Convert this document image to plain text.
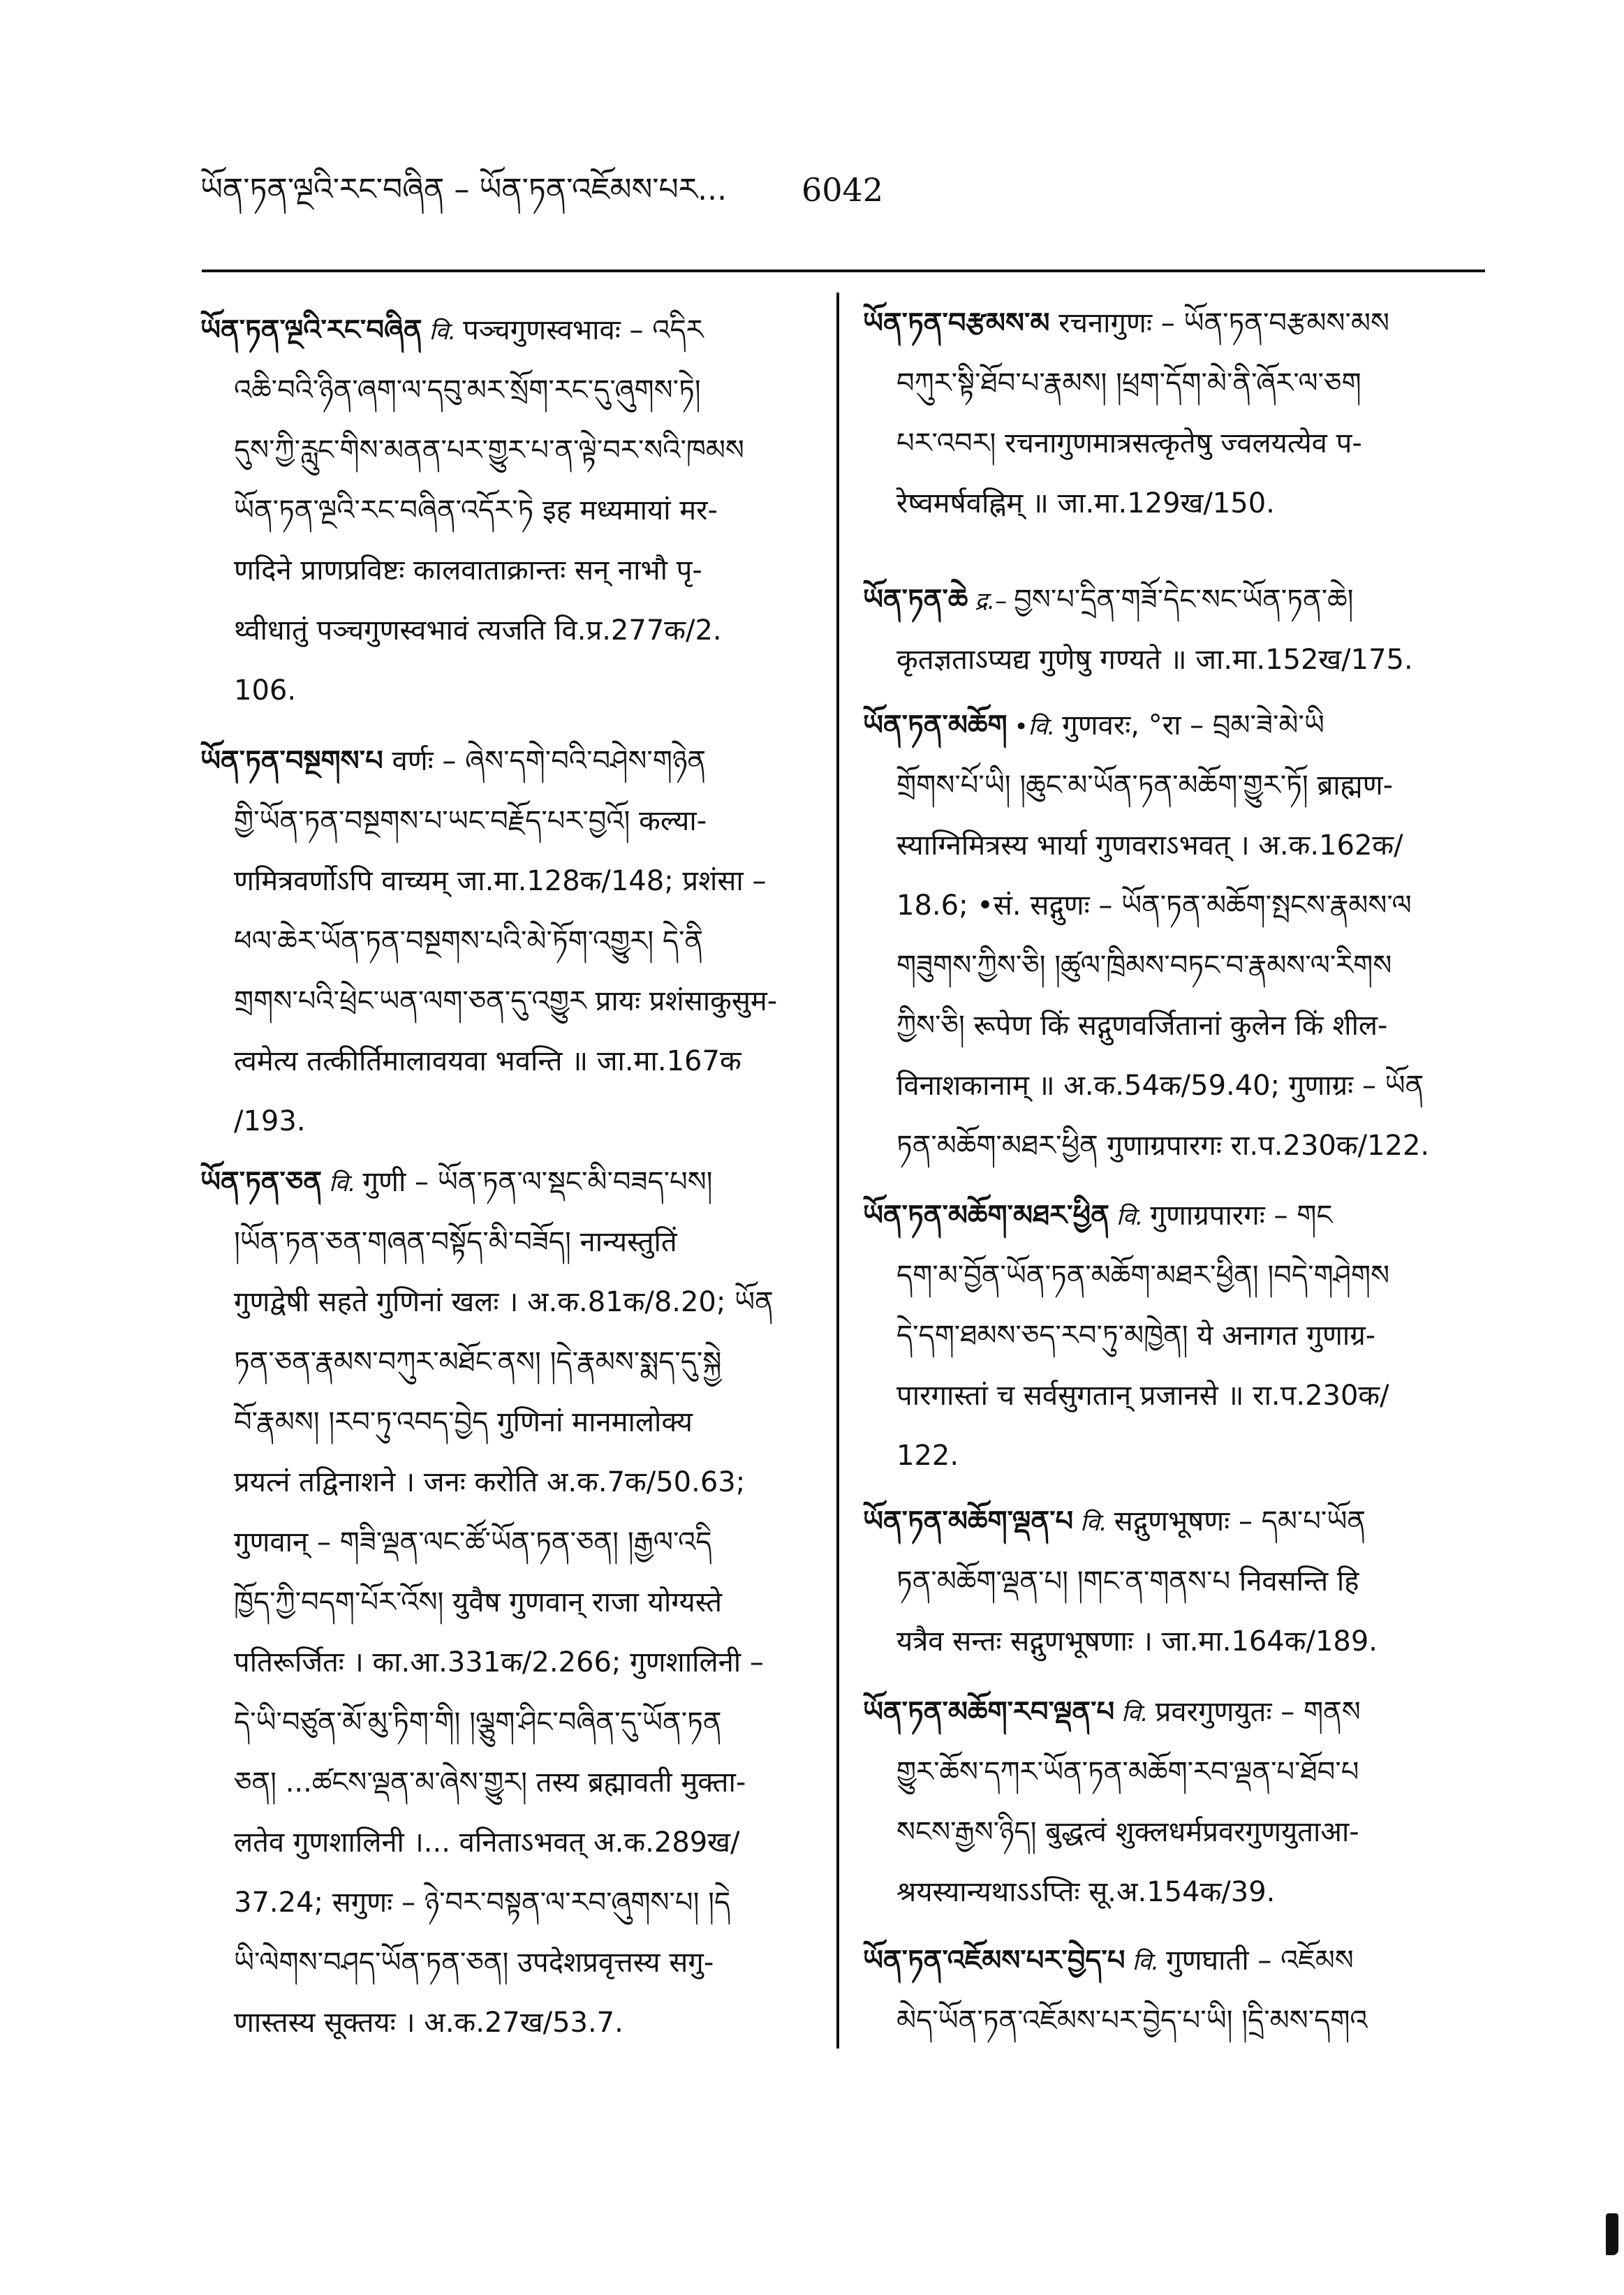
ཡོན་ཏན་ལྔའི་རང་བཞིན – ཡོན་ཏན་འཇོམས་པར...	6042
ཡོན་ཏན་ལྔའི་རང་བཞིན वि. पञ्चगुणस्वभावः – འདིར
འཆི་བའི་ཉིན་ཞག་ལ་དབུ་མར་སྲོག་རང་དུ་ཞུགས་ཏེ།
དུས་ཀྱི་རླུང་གིས་མནན་པར་གྱུར་པ་ན་ལྟེ་བར་སའི་ཁམས
ཡོན་ཏན་ལྔའི་རང་བཞིན་འདོར་ཏེ इह मध्यमायां मर-
णदिने प्राणप्रविष्टः कालवाताक्रान्तः सन् नाभौ पृ-
थ्वीधातुं पञ्चगुणस्वभावं त्यजति वि.प्र.277क/2.
106.
ཡོན་ཏན་བསྔགས་པ वर्णः – ཞེས་དགེ་བའི་བཤེས་གཉེན
གྱི་ཡོན་ཏན་བསྔགས་པ་ཡང་བརྗོད་པར་བྱའོ། कल्या-
णमित्रवर्णोऽपि वाच्यम् जा.मा.128क/148; प्रशंसा –
ཕལ་ཆེར་ཡོན་ཏན་བསྔགས་པའི་མེ་ཏོག་འགྱུར། དེ་ནི
གྲགས་པའི་ཕྲེང་ཡན་ལག་ཅན་དུ་འགྱུར प्रायः प्रशंसाकुसुम-
त्वमेत्य तत्कीर्तिमालावयवा भवन्ति ॥ जा.मा.167क
/193.
ཡོན་ཏན་ཅན वि. गुणी – ཡོན་ཏན་ལ་སྡང་མི་བཟད་པས།
།ཡོན་ཏན་ཅན་གཞན་བསྟོད་མི་བཟོད། नान्यस्तुतिं
गुणद्वेषी सहते गुणिनां खलः । अ.क.81क/8.20; ཡོན
ཏན་ཅན་རྣམས་བཀུར་མཐོང་ནས། །དེ་རྣམས་སྨད་དུ་སྐྱེ
བོ་རྣམས། །རབ་ཏུ་འབད་བྱེད गुणिनां मानमालोक्य
प्रयत्नं तद्विनाशने । जनः करोति अ.क.7क/50.63;
गुणवान् – གཟི་ལྡན་ལང་ཚོ་ཡོན་ཏན་ཅན། །རྒྱལ་འདི
ཁྱོད་ཀྱི་བདག་པོར་འོས། युवैष गुणवान् राजा योग्यस्ते
पतिरूर्जितः । का.आ.331क/2.266; गुणशालिनी –
དེ་ཡི་བཙུན་མོ་མུ་ཏིག་གི། །ལྕུག་ཤིང་བཞིན་དུ་ཡོན་ཏན
ཅན། ...ཚངས་ལྡན་མ་ཞེས་གྱུར། तस्य ब्रह्मावती मुक्ता-
लतेव गुणशालिनी ।... वनिताऽभवत् अ.क.289ख/
37.24; सगुणः – ཉེ་བར་བསྟན་ལ་རབ་ཞུགས་པ། །དེ
ཡི་ལེགས་བཤད་ཡོན་ཏན་ཅན། उपदेशप्रवृत्तस्य सगु-
णास्तस्य सूक्तयः । अ.क.27ख/53.7.
ཡོན་ཏན་བརྩམས་མ रचनागुणः – ཡོན་ཏན་བརྩམས་མས
བཀུར་སྟི་ཐོབ་པ་རྣམས། །ཕྲག་དོག་མེ་ནི་ཞོར་ལ་ཅག
པར་འབར། रचनागुणमात्रसत्कृतेषु ज्वलयत्येव प-
रेष्वमर्षवह्निम् ॥ जा.मा.129ख/150.
ཡོན་ཏན་ཆེ द्र.– བྱས་པ་དྲིན་གཟོ་དེང་སང་ཡོན་ཏན་ཆེ།
कृतज्ञताऽप्यद्य गुणेषु गण्यते ॥ जा.मा.152ख/175.
ཡོན་ཏན་མཆོག •वि. गुणवरः, °रा – བྲམ་ཟེ་མེ་ཡི
གྲོགས་པོ་ཡི། །ཆུང་མ་ཡོན་ཏན་མཆོག་གྱུར་ཏོ། ब्राह्मण-
स्याग्निमित्रस्य भार्या गुणवराऽभवत् । अ.क.162क/
18.6; •सं. सद्गुणः – ཡོན་ཏན་མཆོག་སྤངས་རྣམས་ལ
གཟུགས་ཀྱིས་ཅི། །ཚུལ་ཁྲིམས་བཏང་བ་རྣམས་ལ་རིགས
ཀྱིས་ཅི། रूपेण किं सद्गुणवर्जितानां कुलेन किं शील-
विनाशकानाम् ॥ अ.क.54क/59.40; गुणाग्रः – ཡོན
ཏན་མཆོག་མཐར་ཕྱིན गुणाग्रपारगः रा.प.230क/122.
ཡོན་ཏན་མཆོག་མཐར་ཕྱིན वि. गुणाग्रपारगः – གང
དག་མ་བྱོན་ཡོན་ཏན་མཆོག་མཐར་ཕྱིན། །བདེ་གཤེགས
དེ་དག་ཐམས་ཅད་རབ་ཏུ་མཁྱེན། ये अनागत गुणाग्र-
पारगास्तां च सर्वसुगतान् प्रजानसे ॥ रा.प.230क/
122.
ཡོན་ཏན་མཆོག་ལྡན་པ वि. सद्गुणभूषणः – དམ་པ་ཡོན
ཏན་མཆོག་ལྡན་པ། །གང་ན་གནས་པ निवसन्ति हि
यत्रैव सन्तः सद्गुणभूषणाः । जा.मा.164क/189.
ཡོན་ཏན་མཆོག་རབ་ལྡན་པ वि. प्रवरगुणयुतः – གནས
གྱུར་ཆོས་དཀར་ཡོན་ཏན་མཆོག་རབ་ལྡན་པ་ཐོབ་པ
སངས་རྒྱས་ཉིད། बुद्धत्वं शुक्लधर्मप्रवरगुणयुताआ-
श्रयस्यान्यथाऽऽप्तिः सू.अ.154क/39.
ཡོན་ཏན་འཇོམས་པར་བྱེད་པ वि. गुणघाती – འཇོམས
མེད་ཡོན་ཏན་འཇོམས་པར་བྱེད་པ་ཡི། །དྲི་མས་དགའ
